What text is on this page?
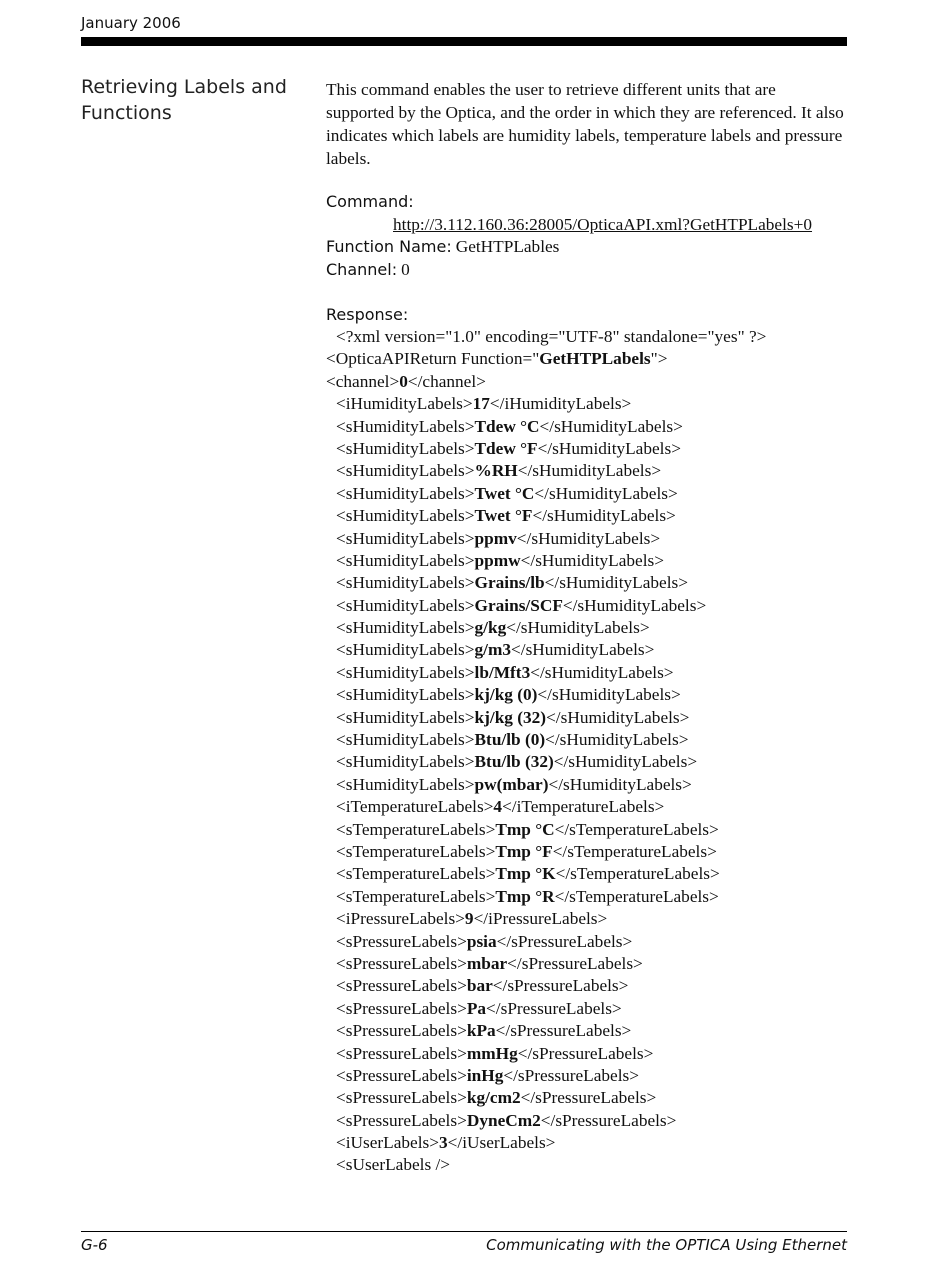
January 2006
Retrieving Labels and Functions

This command enables the user to retrieve different units that are supported by the Optica, and the order in which they are referenced. It also indicates which labels are humidity labels, temperature labels and pressure labels.

Command:
http://3.112.160.36:28005/OpticaAPI.xml?GetHTPLabels+0
Function Name: GetHTPLables
Channel: 0
Response:
<?xml version="1.0" encoding="UTF-8" standalone="yes" ?>
<OpticaAPIReturn Function="GetHTPLabels">
<channel>0</channel>
<iHumidityLabels>17</iHumidityLabels>
<sHumidityLabels>Tdew °C</sHumidityLabels>
<sHumidityLabels>Tdew °F</sHumidityLabels>
<sHumidityLabels>%RH</sHumidityLabels>
<sHumidityLabels>Twet °C</sHumidityLabels>
<sHumidityLabels>Twet °F</sHumidityLabels>
<sHumidityLabels>ppmv</sHumidityLabels>
<sHumidityLabels>ppmw</sHumidityLabels>
<sHumidityLabels>Grains/lb</sHumidityLabels>
<sHumidityLabels>Grains/SCF</sHumidityLabels>
<sHumidityLabels>g/kg</sHumidityLabels>
<sHumidityLabels>g/m3</sHumidityLabels>
<sHumidityLabels>lb/Mft3</sHumidityLabels>
<sHumidityLabels>kj/kg (0)</sHumidityLabels>
<sHumidityLabels>kj/kg (32)</sHumidityLabels>
<sHumidityLabels>Btu/lb (0)</sHumidityLabels>
<sHumidityLabels>Btu/lb (32)</sHumidityLabels>
<sHumidityLabels>pw(mbar)</sHumidityLabels>
<iTemperatureLabels>4</iTemperatureLabels>
<sTemperatureLabels>Tmp °C</sTemperatureLabels>
<sTemperatureLabels>Tmp °F</sTemperatureLabels>
<sTemperatureLabels>Tmp °K</sTemperatureLabels>
<sTemperatureLabels>Tmp °R</sTemperatureLabels>
<iPressureLabels>9</iPressureLabels>
<sPressureLabels>psia</sPressureLabels>
<sPressureLabels>mbar</sPressureLabels>
<sPressureLabels>bar</sPressureLabels>
<sPressureLabels>Pa</sPressureLabels>
<sPressureLabels>kPa</sPressureLabels>
<sPressureLabels>mmHg</sPressureLabels>
<sPressureLabels>inHg</sPressureLabels>
<sPressureLabels>kg/cm2</sPressureLabels>
<sPressureLabels>DyneCm2</sPressureLabels>
<iUserLabels>3</iUserLabels>
<sUserLabels />
G-6	Communicating with the OPTICA Using Ethernet
